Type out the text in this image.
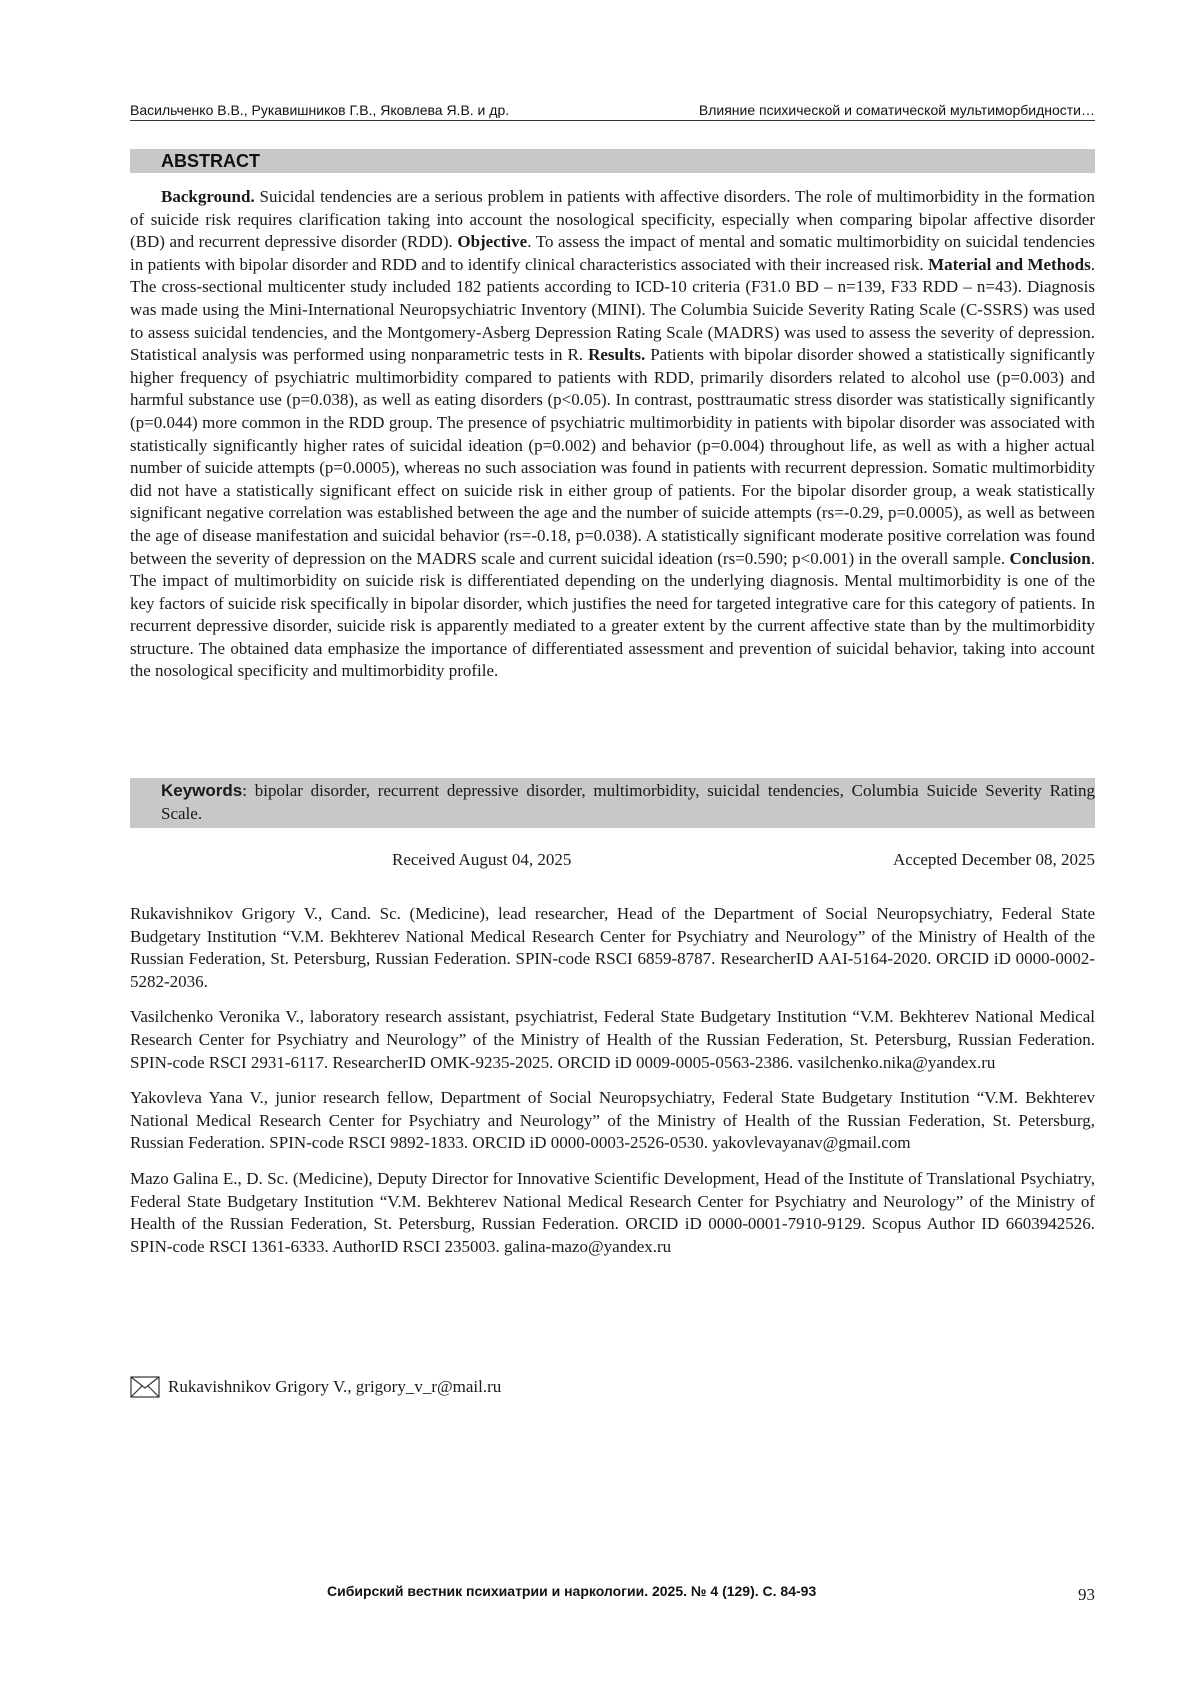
Васильченко В.В., Рукавишников Г.В., Яковлева Я.В. и др.	Влияние психической и соматической мультиморбидности…
ABSTRACT

Background. Suicidal tendencies are a serious problem in patients with affective disorders. The role of multimorbidity in the formation of suicide risk requires clarification taking into account the nosological specificity, especially when comparing bipolar affective disorder (BD) and recurrent depressive disorder (RDD). Objective. To assess the impact of mental and somatic multimorbidity on suicidal tendencies in patients with bipolar disorder and RDD and to identify clinical characteristics associated with their increased risk. Material and Methods. The cross-sectional multicenter study included 182 patients according to ICD-10 criteria (F31.0 BD – n=139, F33 RDD – n=43). Diagnosis was made using the Mini-International Neuropsychiatric Inventory (MINI). The Columbia Suicide Severity Rating Scale (C-SSRS) was used to assess suicidal tendencies, and the Montgomery-Asberg Depression Rating Scale (MADRS) was used to assess the severity of depression. Statistical analysis was performed using nonparametric tests in R. Results. Patients with bipolar disorder showed a statistically significantly higher frequency of psychiatric multimorbidity compared to patients with RDD, primarily disorders related to alcohol use (p=0.003) and harmful substance use (p=0.038), as well as eating disorders (p<0.05). In contrast, posttraumatic stress disorder was statistically significantly (p=0.044) more common in the RDD group. The presence of psychiatric multimorbidity in patients with bipolar disorder was associated with statistically significantly higher rates of suicidal ideation (p=0.002) and behavior (p=0.004) throughout life, as well as with a higher actual number of suicide attempts (p=0.0005), whereas no such association was found in patients with recurrent depression. Somatic multimorbidity did not have a statistically significant effect on suicide risk in either group of patients. For the bipolar disorder group, a weak statistically significant negative correlation was established between the age and the number of suicide attempts (rs=-0.29, p=0.0005), as well as between the age of disease manifestation and suicidal behavior (rs=-0.18, p=0.038). A statistically significant moderate positive correlation was found between the severity of depression on the MADRS scale and current suicidal ideation (rs=0.590; p<0.001) in the overall sample. Conclusion. The impact of multimorbidity on suicide risk is differentiated depending on the underlying diagnosis. Mental multimorbidity is one of the key factors of suicide risk specifically in bipolar disorder, which justifies the need for targeted integrative care for this category of patients. In recurrent depressive disorder, suicide risk is apparently mediated to a greater extent by the current affective state than by the multimorbidity structure. The obtained data emphasize the importance of differentiated assessment and prevention of suicidal behavior, taking into account the nosological specificity and multimorbidity profile.

Keywords: bipolar disorder, recurrent depressive disorder, multimorbidity, suicidal tendencies, Columbia Suicide Severity Rating Scale.
Received August 04, 2025	Accepted December 08, 2025

Rukavishnikov Grigory V., Cand. Sc. (Medicine), lead researcher, Head of the Department of Social Neuropsychiatry, Federal State Budgetary Institution “V.M. Bekhterev National Medical Research Center for Psychiatry and Neurology” of the Ministry of Health of the Russian Federation, St. Petersburg, Russian Federation. SPIN-code RSCI 6859-8787. ResearcherID AAI-5164-2020. ORCID iD 0000-0002-5282-2036.

Vasilchenko Veronika V., laboratory research assistant, psychiatrist, Federal State Budgetary Institution “V.M. Bekhterev National Medical Research Center for Psychiatry and Neurology” of the Ministry of Health of the Russian Federation, St. Petersburg, Russian Federation. SPIN-code RSCI 2931-6117. ResearcherID OMK-9235-2025. ORCID iD 0009-0005-0563-2386. vasilchenko.nika@yandex.ru

Yakovleva Yana V., junior research fellow, Department of Social Neuropsychiatry, Federal State Budgetary Institution “V.M. Bekhterev National Medical Research Center for Psychiatry and Neurology” of the Ministry of Health of the Russian Federation, St. Petersburg, Russian Federation. SPIN-code RSCI 9892-1833. ORCID iD 0000-0003-2526-0530. yakovlevayanav@gmail.com

Mazo Galina E., D. Sc. (Medicine), Deputy Director for Innovative Scientific Development, Head of the Institute of Translational Psychiatry, Federal State Budgetary Institution “V.M. Bekhterev National Medical Research Center for Psychiatry and Neurology” of the Ministry of Health of the Russian Federation, St. Petersburg, Russian Federation. ORCID iD 0000-0001-7910-9129. Scopus Author ID 6603942526. SPIN-code RSCI 1361-6333. AuthorID RSCI 235003. galina-mazo@yandex.ru

Rukavishnikov Grigory V., grigory_v_r@mail.ru
Сибирский вестник психиатрии и наркологии. 2025. № 4 (129). С. 84-93	93
